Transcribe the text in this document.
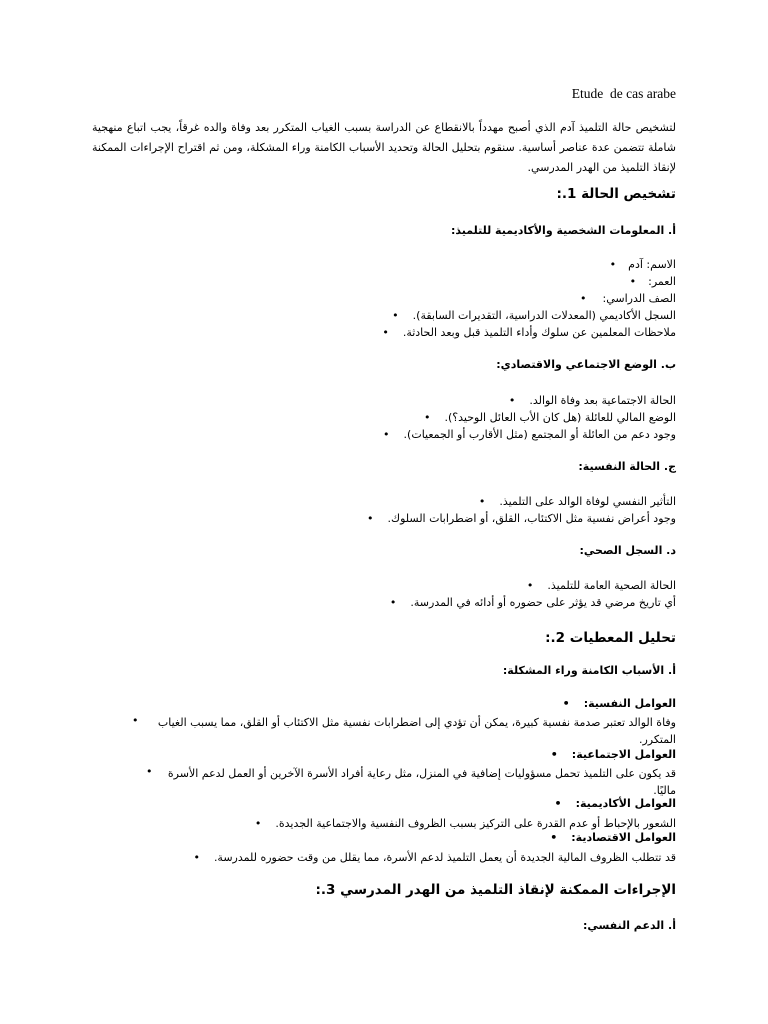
Etude  de cas arabe
لتشخيص حالة التلميذ آدم الذي أصبح مهدداً بالانقطاع عن الدراسة بسبب الغياب المتكرر بعد وفاة والده غرقاً، يجب اتباع منهجية شاملة تتضمن عدة عناصر أساسية. سنقوم بتحليل الحالة وتحديد الأسباب الكامنة وراء المشكلة، ومن ثم اقتراح الإجراءات الممكنة لإنقاذ التلميذ من الهدر المدرسي.
تشخيص الحالة 1.:
أ. المعلومات الشخصية والأكاديمية للتلميذ:
الاسم: آدم•
العمر:•
الصف الدراسي:•
السجل الأكاديمي (المعدلات الدراسية، التقديرات السابقة).•
ملاحظات المعلمين عن سلوك وأداء التلميذ قبل وبعد الحادثة.•
ب. الوضع الاجتماعي والاقتصادي:
الحالة الاجتماعية بعد وفاة الوالد.•
الوضع المالي للعائلة (هل كان الأب العائل الوحيد؟).•
وجود دعم من العائلة أو المجتمع (مثل الأقارب أو الجمعيات).•
ج. الحالة النفسية:
التأثير النفسي لوفاة الوالد على التلميذ.•
وجود أعراض نفسية مثل الاكتئاب، القلق، أو اضطرابات السلوك.•
د. السجل الصحي:
الحالة الصحية العامة للتلميذ.•
أي تاريخ مرضي قد يؤثر على حضوره أو أدائه في المدرسة.•
تحليل المعطيات 2.:
أ. الأسباب الكامنة وراء المشكلة:
العوامل النفسية:•
وفاة الوالد تعتبر صدمة نفسية كبيرة، يمكن أن تؤدي إلى اضطرابات نفسية مثل الاكتئاب أو القلق، مما يسبب الغياب المتكرر.
•
العوامل الاجتماعية:•
قد يكون على التلميذ تحمل مسؤوليات إضافية في المنزل، مثل رعاية أفراد الأسرة الآخرين أو العمل لدعم الأسرة ماليًا.
•
العوامل الأكاديمية:•
الشعور بالإحباط أو عدم القدرة على التركيز بسبب الظروف النفسية والاجتماعية الجديدة.•
العوامل الاقتصادية:•
قد تتطلب الظروف المالية الجديدة أن يعمل التلميذ لدعم الأسرة، مما يقلل من وقت حضوره للمدرسة.•
الإجراءات الممكنة لإنقاذ التلميذ من الهدر المدرسي 3.:
أ. الدعم النفسي:
